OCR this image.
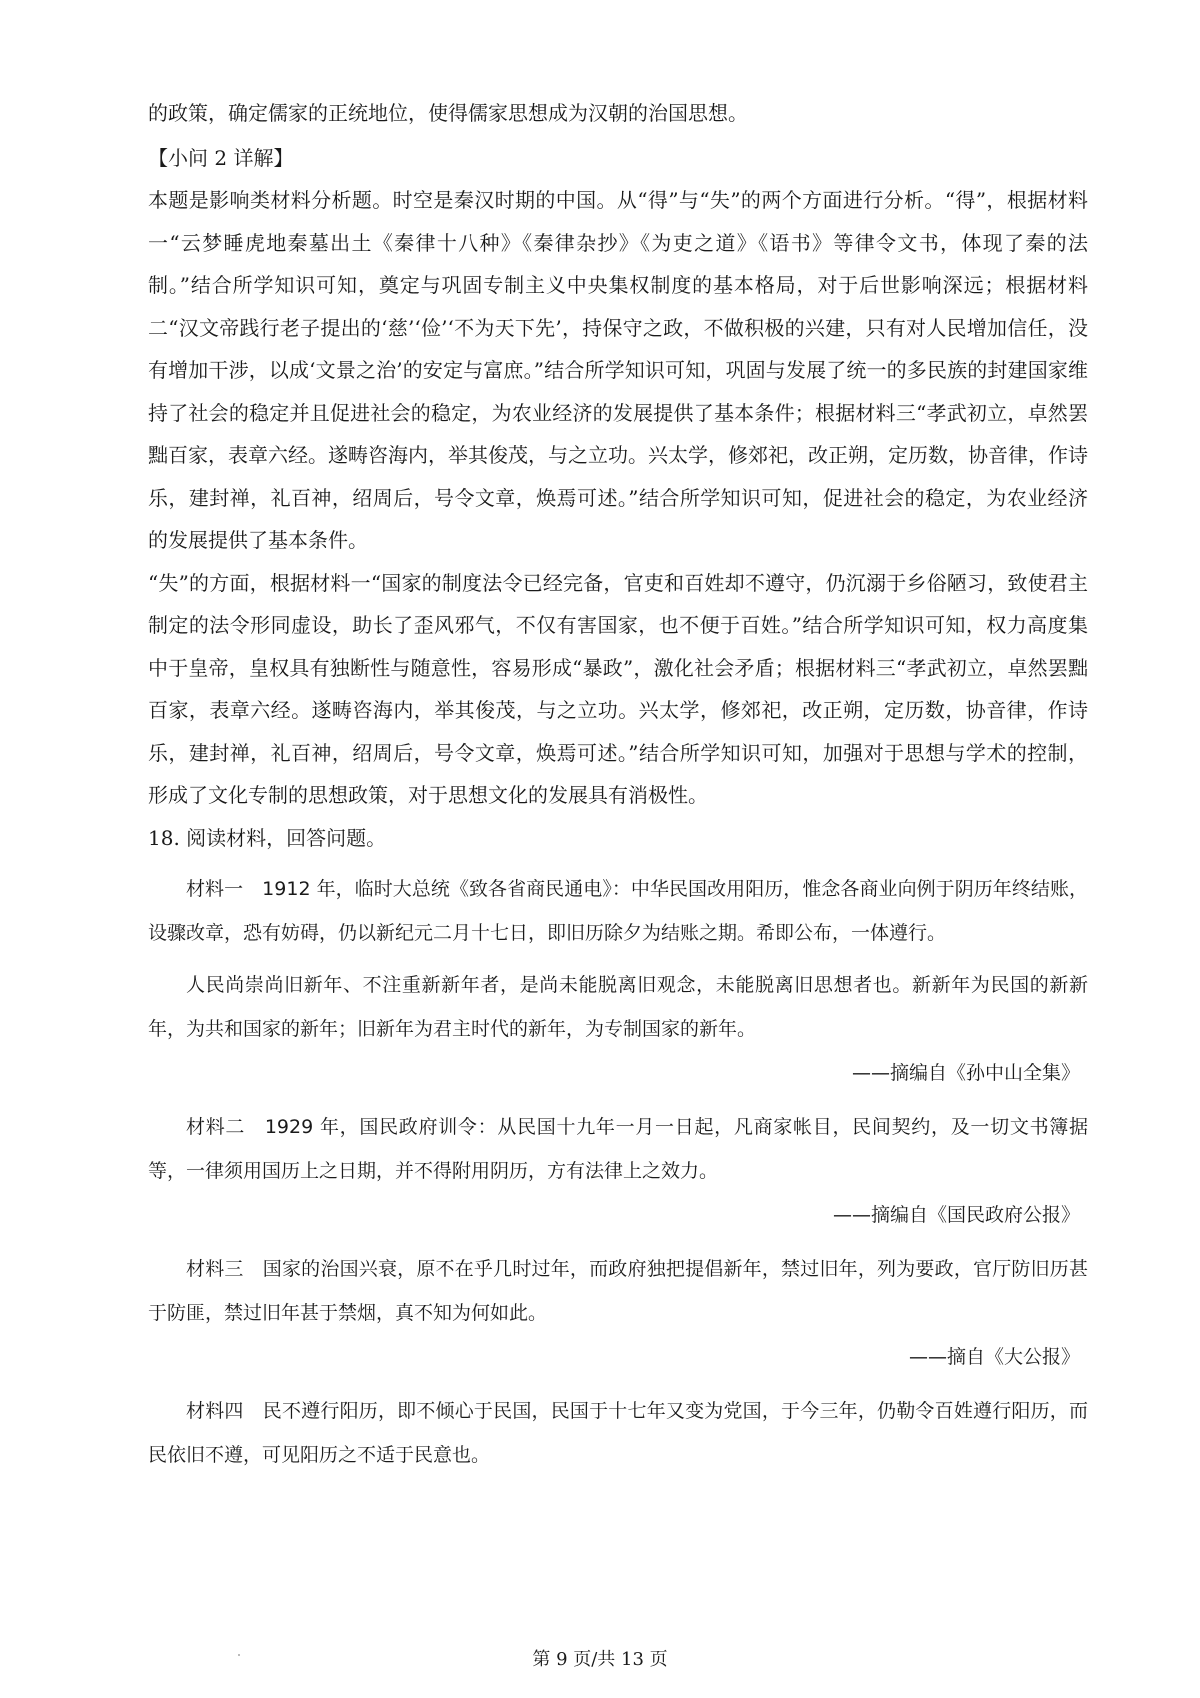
的政策，确定儒家的正统地位，使得儒家思想成为汉朝的治国思想。

【小问 2 详解】

本题是影响类材料分析题。时空是秦汉时期的中国。从“得”与“失”的两个方面进行分析。“得”，根据材料一“云梦睡虎地秦墓出土《秦律十八种》《秦律杂抄》《为吏之道》《语书》等律令文书，体现了秦的法制。”结合所学知识可知，奠定与巩固专制主义中央集权制度的基本格局，对于后世影响深远；根据材料二“汉文帝践行老子提出的‘慈’‘俭’‘不为天下先’，持保守之政，不做积极的兴建，只有对人民增加信任，没有增加干涉，以成‘文景之治’的安定与富庶。”结合所学知识可知，巩固与发展了统一的多民族的封建国家维持了社会的稳定并且促进社会的稳定，为农业经济的发展提供了基本条件；根据材料三“孝武初立，卓然罢黜百家，表章六经。遂畴咨海内，举其俊茂，与之立功。兴太学，修郊祀，改正朔，定历数，协音律，作诗乐，建封禅，礼百神，绍周后，号令文章，焕焉可述。”结合所学知识可知，促进社会的稳定，为农业经济的发展提供了基本条件。

“失”的方面，根据材料一“国家的制度法令已经完备，官吏和百姓却不遵守，仍沉溺于乡俗陋习，致使君主制定的法令形同虚设，助长了歪风邪气，不仅有害国家，也不便于百姓。”结合所学知识可知，权力高度集中于皇帝，皇权具有独断性与随意性，容易形成“暴政”，激化社会矛盾；根据材料三“孝武初立，卓然罢黜百家，表章六经。遂畴咨海内，举其俊茂，与之立功。兴太学，修郊祀，改正朔，定历数，协音律，作诗乐，建封禅，礼百神，绍周后，号令文章，焕焉可述。”结合所学知识可知，加强对于思想与学术的控制，形成了文化专制的思想政策，对于思想文化的发展具有消极性。

18. 阅读材料，回答问题。

材料一　1912 年，临时大总统《致各省商民通电》：中华民国改用阳历，惟念各商业向例于阴历年终结账，设骤改章，恐有妨碍，仍以新纪元二月十七日，即旧历除夕为结账之期。希即公布，一体遵行。

人民尚崇尚旧新年、不注重新新年者，是尚未能脱离旧观念，未能脱离旧思想者也。新新年为民国的新新年，为共和国家的新年；旧新年为君主时代的新年，为专制国家的新年。

——摘编自《孙中山全集》

材料二　1929 年，国民政府训令：从民国十九年一月一日起，凡商家帐目，民间契约，及一切文书簿据等，一律须用国历上之日期，并不得附用阴历，方有法律上之效力。

——摘编自《国民政府公报》

材料三　国家的治国兴衰，原不在乎几时过年，而政府独把提倡新年，禁过旧年，列为要政，官厅防旧历甚于防匪，禁过旧年甚于禁烟，真不知为何如此。

——摘自《大公报》

材料四　民不遵行阳历，即不倾心于民国，民国于十七年又变为党国，于今三年，仍勒令百姓遵行阳历，而民依旧不遵，可见阳历之不适于民意也。

第 9 页/共 13 页
